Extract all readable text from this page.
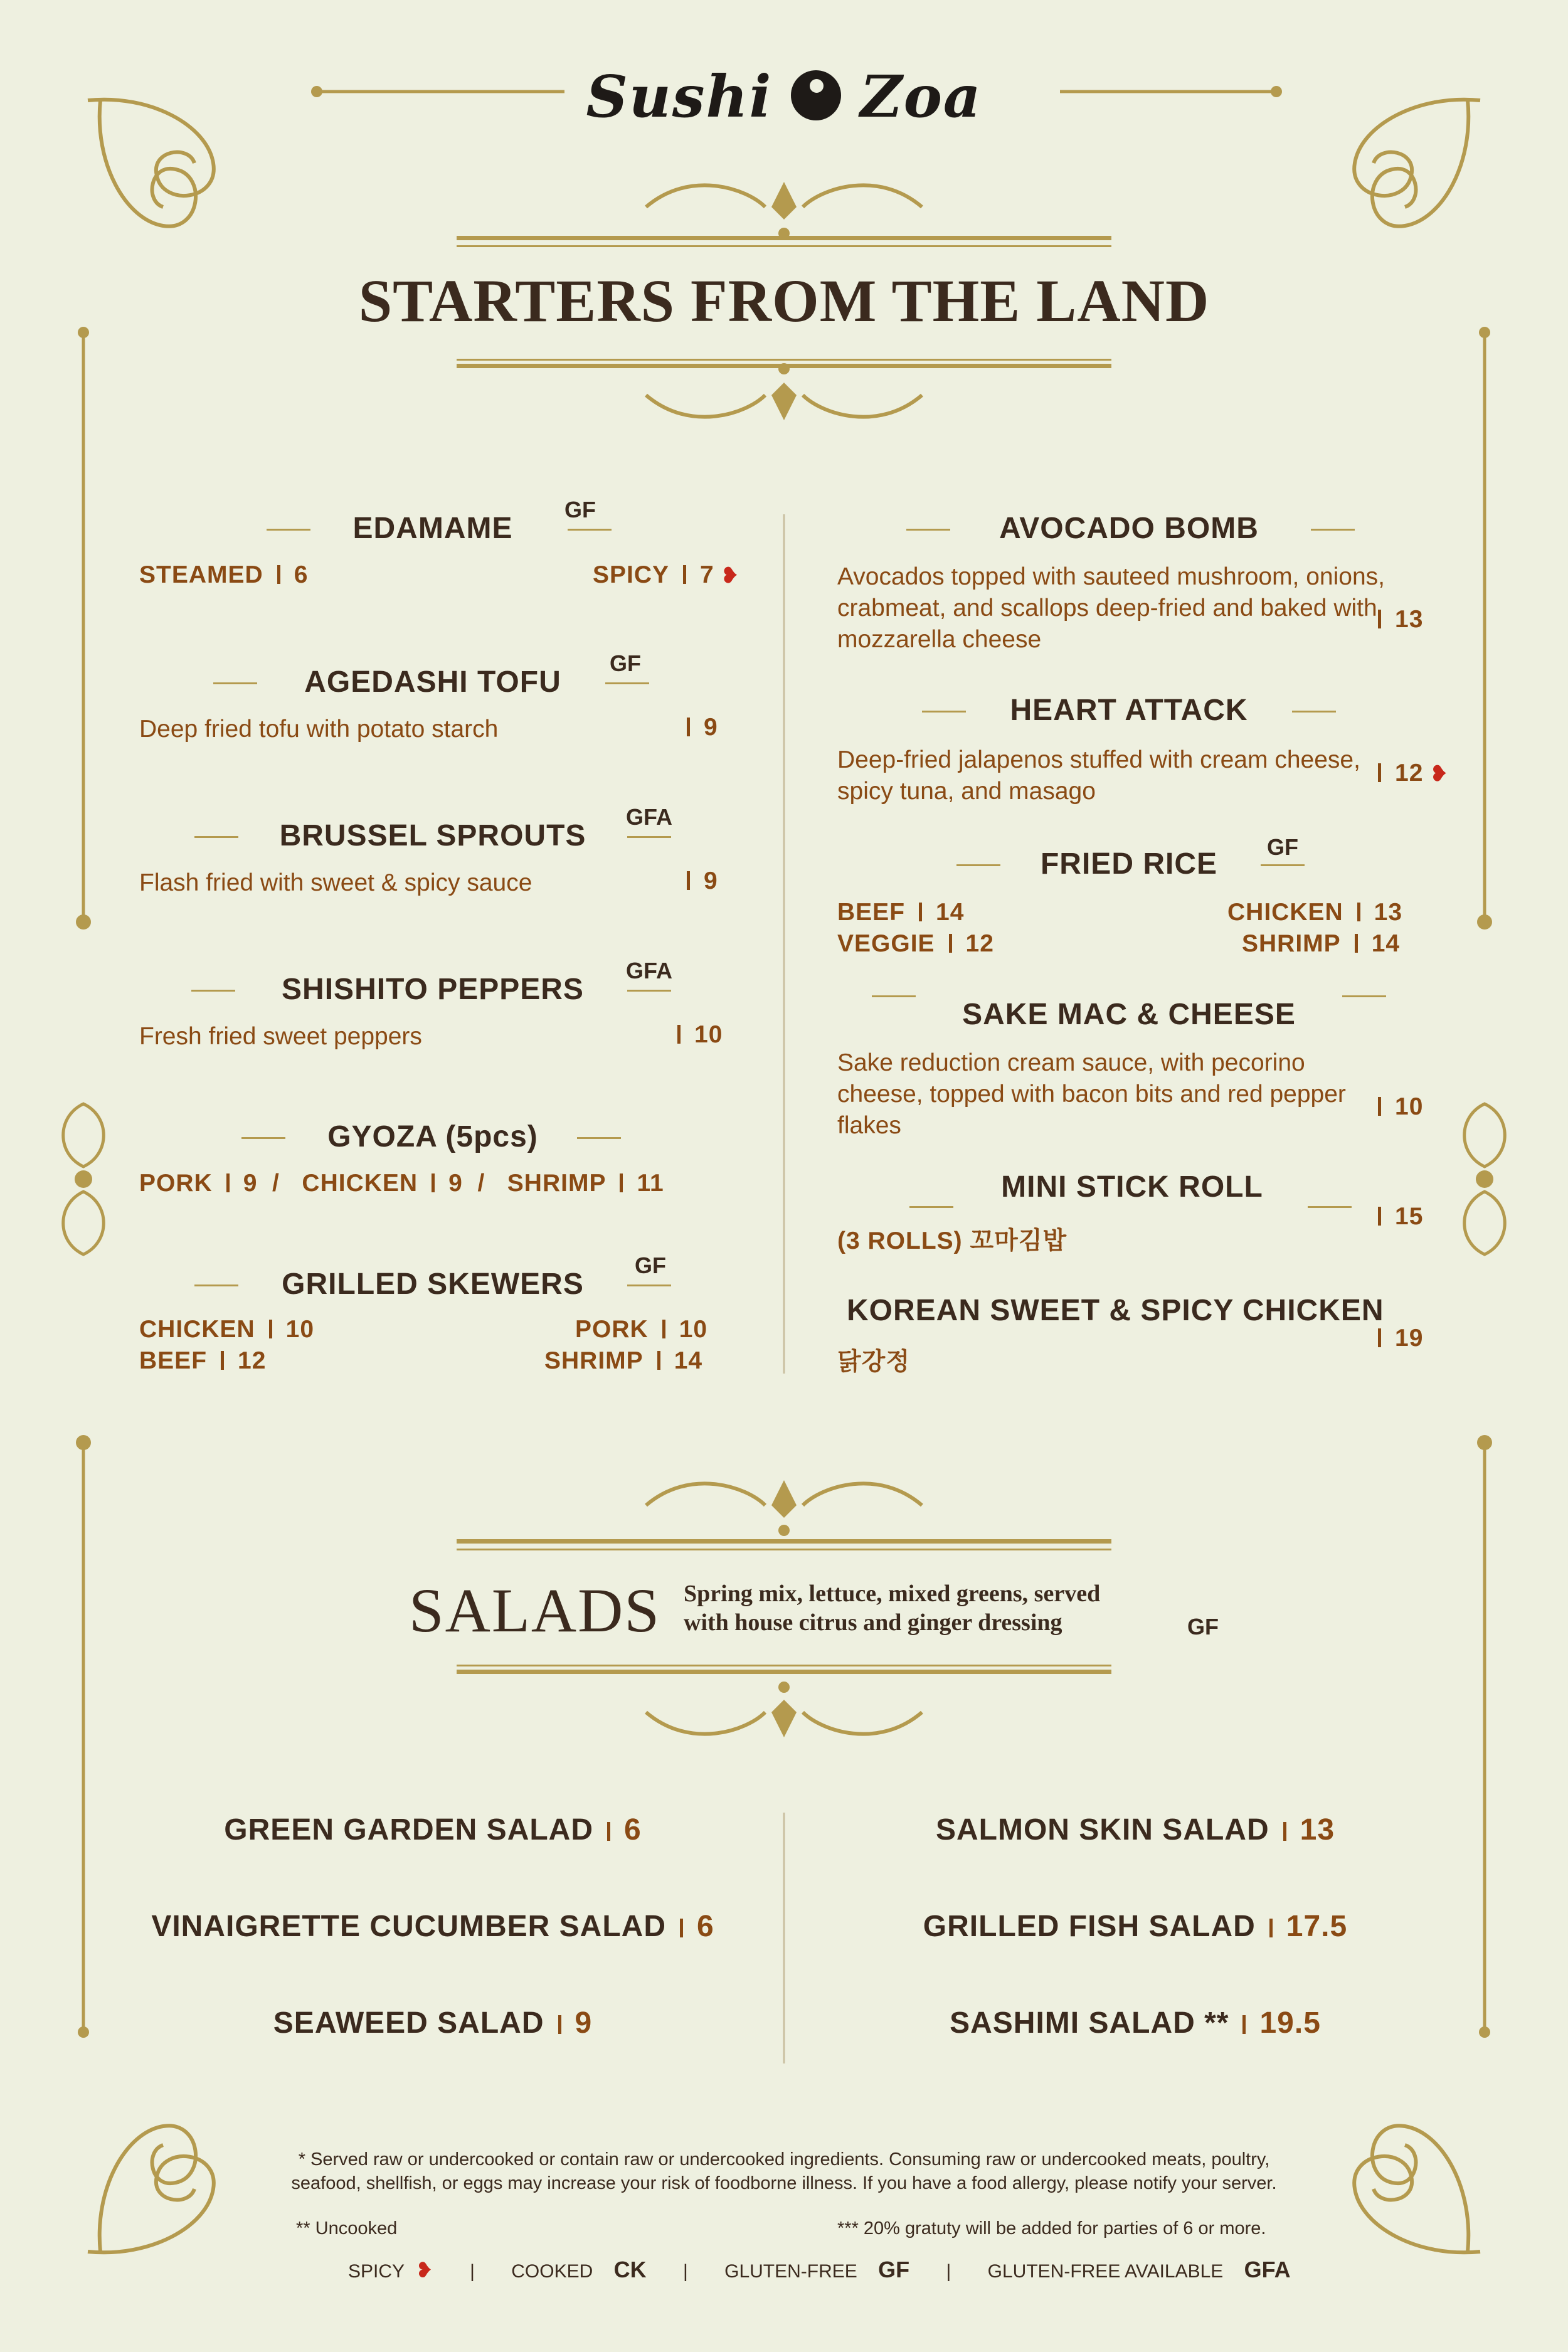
Sushi Zoa
STARTERS FROM THE LAND
EDAMAME
GF
STEAMED 6	SPICY 7 ❥
AGEDASHI TOFU
GF
Deep fried tofu with potato starch	9
BRUSSEL SPROUTS
GFA
Flash fried with sweet & spicy sauce	9
SHISHITO PEPPERS
GFA
Fresh fried sweet peppers	10
GYOZA (5pcs)
PORK 9  /   CHICKEN 9  /   SHRIMP 11
GRILLED SKEWERS
GF
CHICKEN 10	PORK 10
BEEF 12	SHRIMP 14
AVOCADO BOMB
Avocados topped with sauteed mushroom, onions, crabmeat, and scallops deep-fried and baked with mozzarella cheese
13
HEART ATTACK
Deep-fried jalapenos stuffed with cream cheese, spicy tuna, and masago
12 ❥
FRIED RICE
GF
BEEF 14	CHICKEN 13
VEGGIE 12	SHRIMP 14
SAKE MAC & CHEESE
Sake reduction cream sauce, with pecorino cheese, topped with bacon bits and red pepper flakes
10
MINI STICK ROLL
(3 ROLLS) 꼬마김밥
15
KOREAN SWEET & SPICY CHICKEN
닭강정
19
SALADS Spring mix, lettuce, mixed greens, served
with house citrus and ginger dressing	GF
GREEN GARDEN SALAD 6
VINAIGRETTE CUCUMBER SALAD 6
SEAWEED SALAD 9
SALMON SKIN SALAD 13
GRILLED FISH SALAD 17.5
SASHIMI SALAD ** 19.5
* Served raw or undercooked or contain raw or undercooked ingredients. Consuming raw or undercooked meats, poultry,
seafood, shellfish, or eggs may increase your risk of foodborne illness. If you have a food allergy, please notify your server.
** Uncooked	*** 20% gratuty will be added for parties of 6 or more.
SPICY  ❥ | COOKED CK | GLUTEN-FREE GF | GLUTEN-FREE AVAILABLE GFA
